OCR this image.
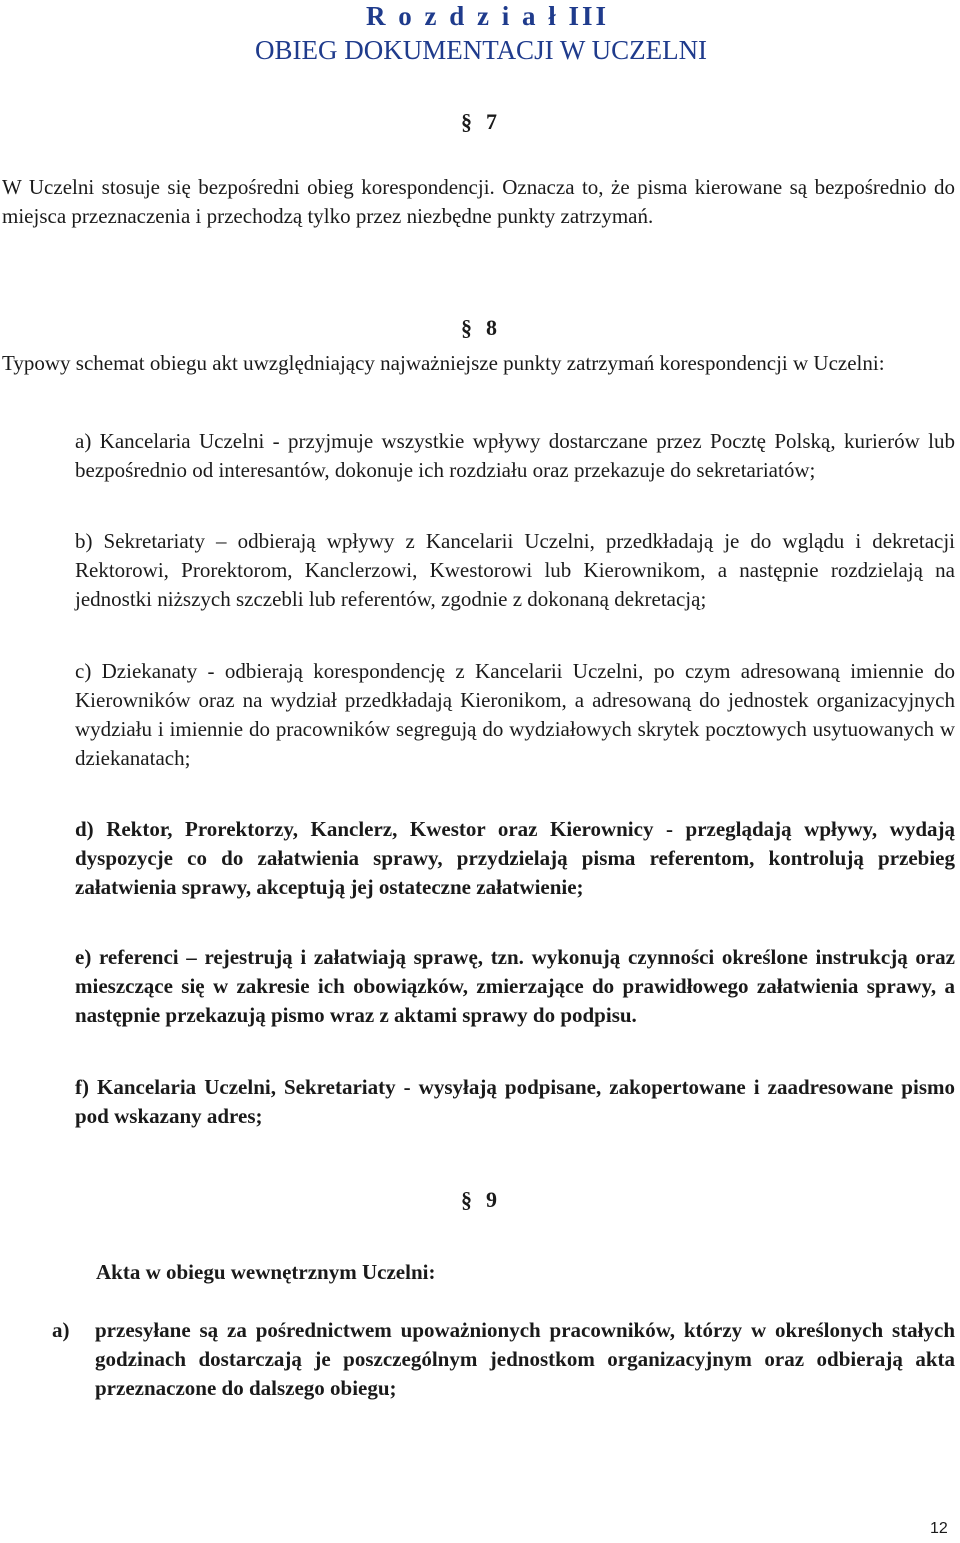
R o z d z i a ł III
OBIEG DOKUMENTACJI W UCZELNI
§ 7

W Uczelni stosuje się bezpośredni obieg korespondencji. Oznacza to, że pisma kierowane są bezpośrednio do miejsca przeznaczenia i przechodzą tylko przez niezbędne punkty zatrzymań.

§ 8

Typowy schemat obiegu akt uwzględniający najważniejsze punkty zatrzymań korespondencji w Uczelni:

a) Kancelaria Uczelni - przyjmuje wszystkie wpływy dostarczane przez Pocztę Polską, kurierów lub bezpośrednio od interesantów, dokonuje ich rozdziału oraz przekazuje do sekretariatów;

b) Sekretariaty – odbierają wpływy z Kancelarii Uczelni, przedkładają je do wglądu i dekretacji Rektorowi, Prorektorom, Kanclerzowi, Kwestorowi lub Kierownikom, a następnie rozdzielają na jednostki niższych szczebli lub referentów, zgodnie z dokonaną dekretacją;

c) Dziekanaty - odbierają korespondencję z Kancelarii Uczelni, po czym adresowaną imiennie do Kierowników oraz na wydział przedkładają Kieronikom, a adresowaną do jednostek organizacyjnych wydziału i imiennie do pracowników segregują do wydziałowych skrytek pocztowych usytuowanych w dziekanatach;

d) Rektor, Prorektorzy, Kanclerz, Kwestor oraz Kierownicy - przeglądają wpływy, wydają dyspozycje co do załatwienia sprawy, przydzielają pisma referentom, kontrolują przebieg załatwienia sprawy, akceptują jej ostateczne załatwienie;

e) referenci – rejestrują i załatwiają sprawę, tzn. wykonują czynności określone instrukcją oraz mieszczące się w zakresie ich obowiązków, zmierzające do prawidłowego załatwienia sprawy, a następnie przekazują pismo wraz z aktami sprawy do podpisu.

f) Kancelaria Uczelni, Sekretariaty - wysyłają podpisane, zakopertowane i zaadresowane pismo pod wskazany adres;

§ 9

Akta w obiegu wewnętrznym Uczelni:

a) przesyłane są za pośrednictwem upoważnionych pracowników, którzy w określonych stałych godzinach dostarczają je poszczególnym jednostkom organizacyjnym oraz odbierają akta przeznaczone do dalszego obiegu;
12
